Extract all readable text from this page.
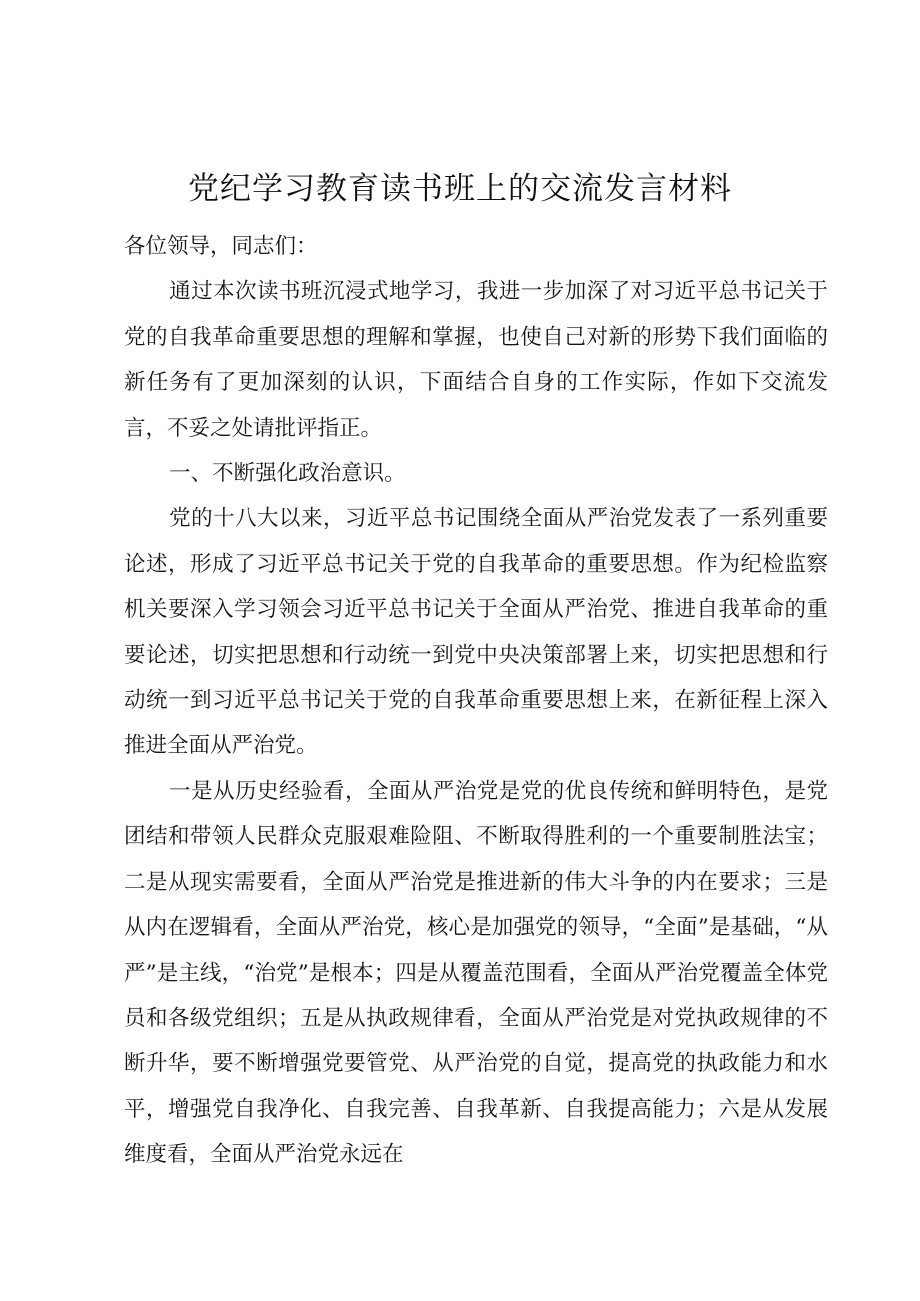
党纪学习教育读书班上的交流发言材料

各位领导，同志们：

通过本次读书班沉浸式地学习，我进一步加深了对习近平总书记关于党的自我革命重要思想的理解和掌握，也使自己对新的形势下我们面临的新任务有了更加深刻的认识，下面结合自身的工作实际，作如下交流发言，不妥之处请批评指正。

一、不断强化政治意识。

党的十八大以来，习近平总书记围绕全面从严治党发表了一系列重要论述，形成了习近平总书记关于党的自我革命的重要思想。作为纪检监察机关要深入学习领会习近平总书记关于全面从严治党、推进自我革命的重要论述，切实把思想和行动统一到党中央决策部署上来，切实把思想和行动统一到习近平总书记关于党的自我革命重要思想上来，在新征程上深入推进全面从严治党。

一是从历史经验看，全面从严治党是党的优良传统和鲜明特色，是党团结和带领人民群众克服艰难险阻、不断取得胜利的一个重要制胜法宝；二是从现实需要看，全面从严治党是推进新的伟大斗争的内在要求；三是从内在逻辑看，全面从严治党，核心是加强党的领导，“全面”是基础，“从严”是主线，“治党”是根本；四是从覆盖范围看，全面从严治党覆盖全体党员和各级党组织；五是从执政规律看，全面从严治党是对党执政规律的不断升华，要不断增强党要管党、从严治党的自觉，提高党的执政能力和水平，增强党自我净化、自我完善、自我革新、自我提高能力；六是从发展维度看，全面从严治党永远在
